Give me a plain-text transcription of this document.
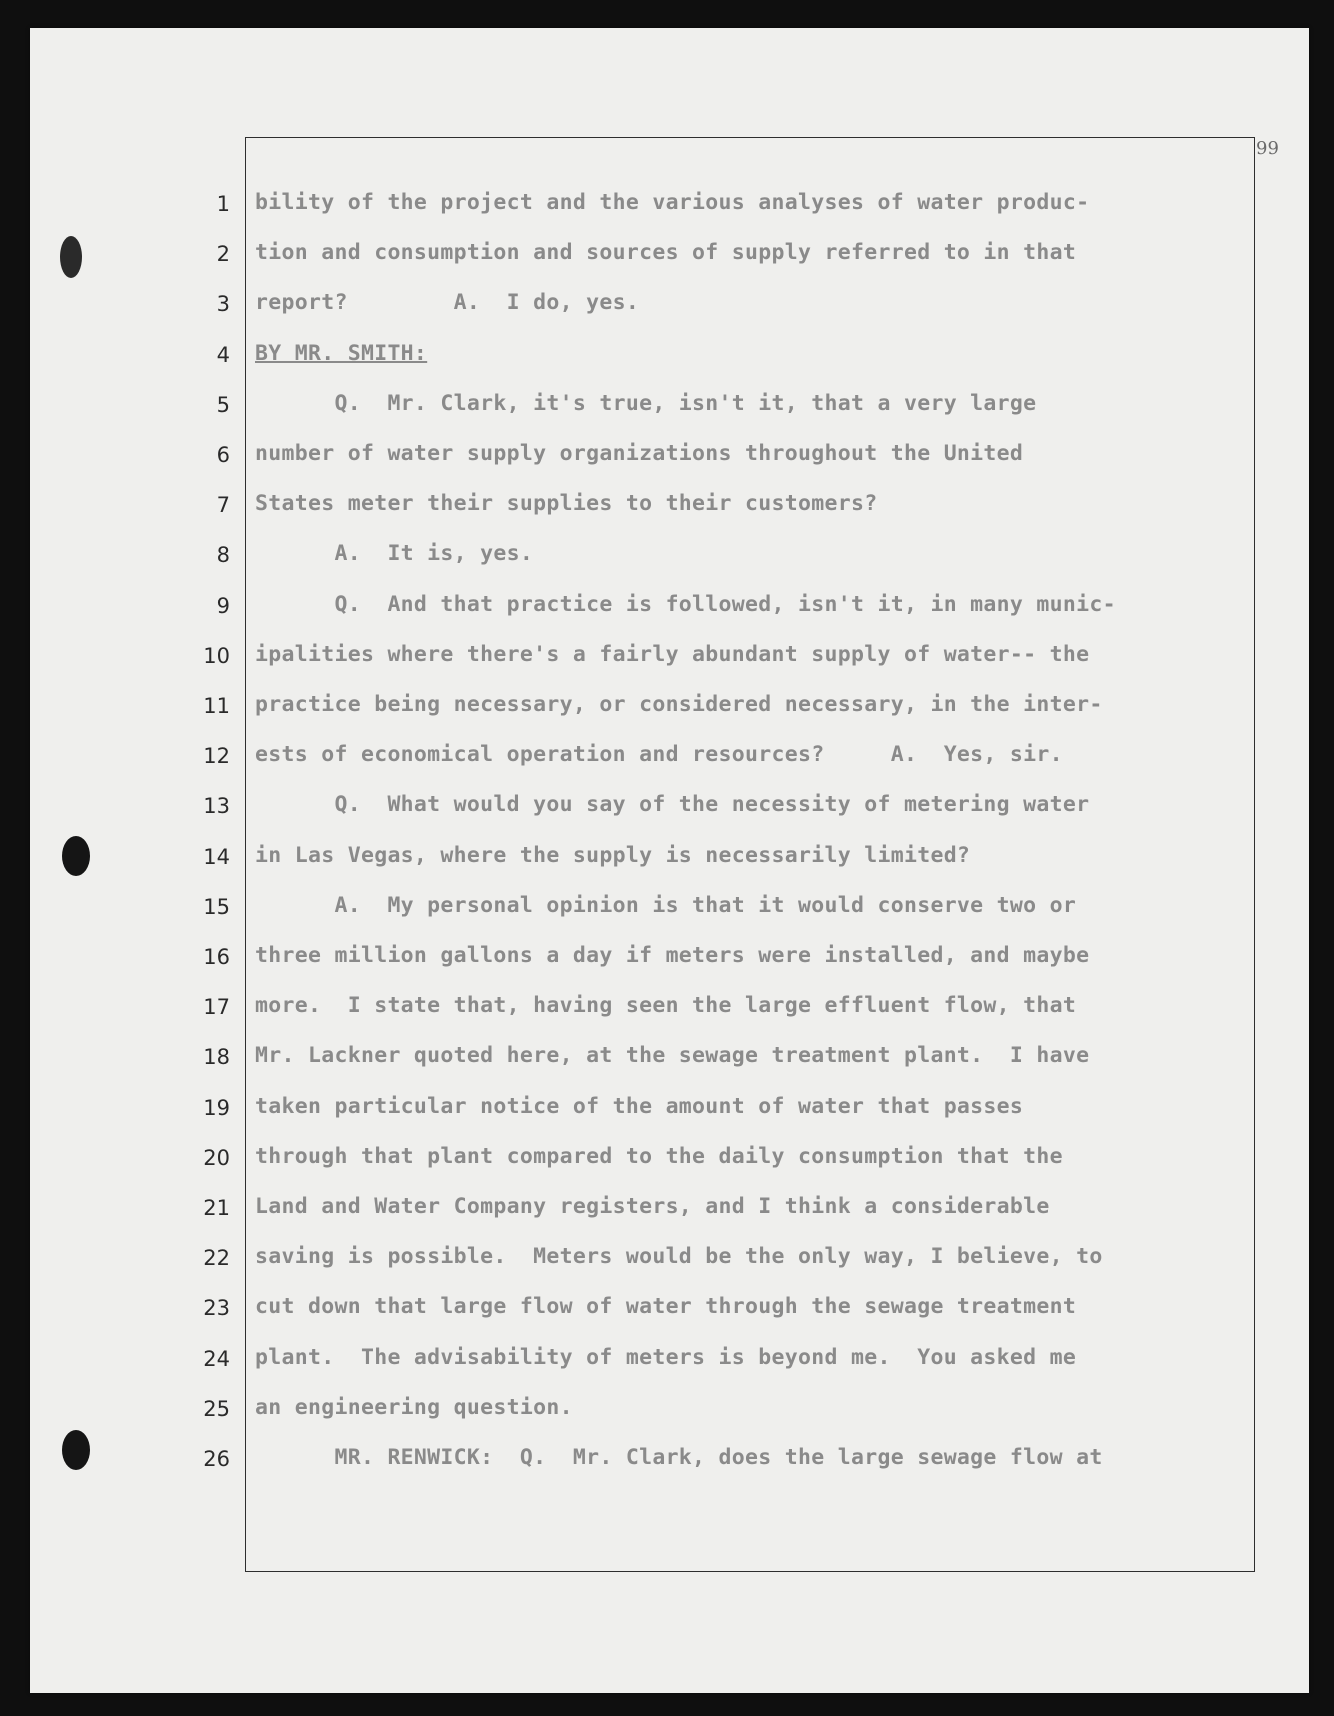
99
1 bility of the project and the various analyses of water produc-
2 tion and consumption and sources of supply referred to in that
3 report?        A.  I do, yes.
4 BY MR. SMITH:
5 Q.  Mr. Clark, it's true, isn't it, that a very large
6 number of water supply organizations throughout the United
7 States meter their supplies to their customers?
8 A.  It is, yes.
9 Q.  And that practice is followed, isn't it, in many munic-
10 ipalities where there's a fairly abundant supply of water-- the
11 practice being necessary, or considered necessary, in the inter-
12 ests of economical operation and resources?     A.  Yes, sir.
13 Q.  What would you say of the necessity of metering water
14 in Las Vegas, where the supply is necessarily limited?
15 A.  My personal opinion is that it would conserve two or
16 three million gallons a day if meters were installed, and maybe
17 more.  I state that, having seen the large effluent flow, that
18 Mr. Lackner quoted here, at the sewage treatment plant.  I have
19 taken particular notice of the amount of water that passes
20 through that plant compared to the daily consumption that the
21 Land and Water Company registers, and I think a considerable
22 saving is possible.  Meters would be the only way, I believe, to
23 cut down that large flow of water through the sewage treatment
24 plant.  The advisability of meters is beyond me.  You asked me
25 an engineering question.
26 MR. RENWICK:  Q.  Mr. Clark, does the large sewage flow at
